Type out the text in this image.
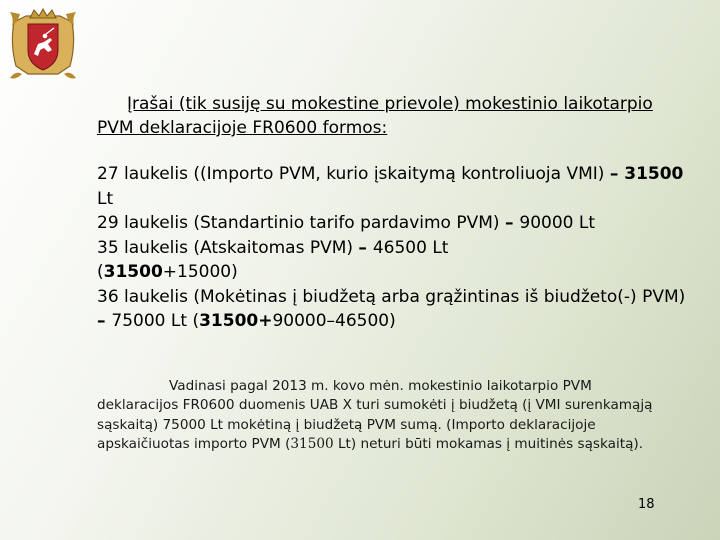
Įrašai (tik susiję su mokestine prievole) mokestinio laikotarpio PVM deklaracijoje FR0600 formos:

27 laukelis ((Importo PVM, kurio įskaitymą kontroliuoja VMI) – 31500 Lt

29 laukelis (Standartinio tarifo pardavimo PVM) – 90000 Lt

35 laukelis (Atskaitomas PVM) – 46500 Lt

(31500+15000)

36 laukelis (Mokėtinas į biudžetą arba grąžintinas iš biudžeto(-) PVM) – 75000 Lt (31500+90000–46500)

Vadinasi pagal 2013 m. kovo mėn. mokestinio laikotarpio PVM deklaracijos FR0600 duomenis UAB X turi sumokėti į biudžetą (į VMI surenkamąją sąskaitą) 75000 Lt mokėtiną į biudžetą PVM sumą. (Importo deklaracijoje apskaičiuotas importo PVM (31500 Lt) neturi būti mokamas į muitinės sąskaitą).
18
